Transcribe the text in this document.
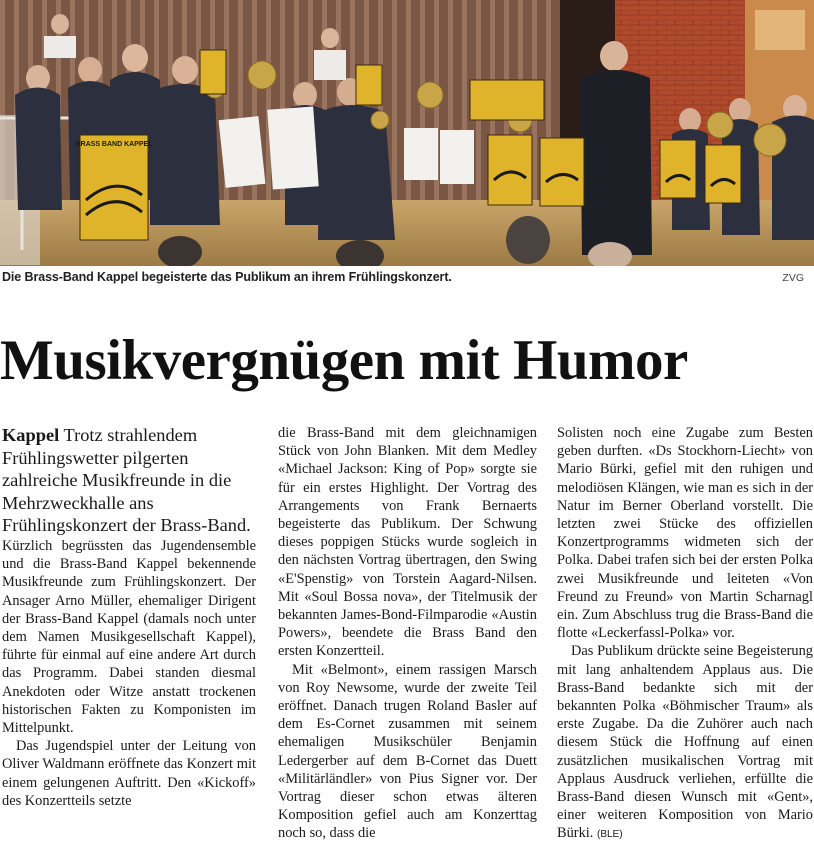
BRASS BAND KAPPEL
Die Brass-Band Kappel begeisterte das Publikum an ihrem Frühlingskonzert.	ZVG
Musikvergnügen mit Humor

Kappel Trotz strahlendem Frühlingswetter pilgerten zahlreiche Musikfreunde in die Mehrzweckhalle ans Frühlingskonzert der Brass-Band.

Kürzlich begrüssten das Jugendensemble und die Brass-Band Kappel bekennende Musikfreunde zum Frühlingskonzert. Der Ansager Arno Müller, ehemaliger Dirigent der Brass-Band Kappel (damals noch unter dem Namen Musikgesellschaft Kappel), führte für einmal auf eine andere Art durch das Programm. Dabei standen diesmal Anekdoten oder Witze anstatt trockenen historischen Fakten zu Komponisten im Mittelpunkt.

Das Jugendspiel unter der Leitung von Oliver Waldmann eröffnete das Konzert mit einem gelungenen Auftritt. Den «Kickoff» des Konzertteils setzte

die Brass-Band mit dem gleichnamigen Stück von John Blanken. Mit dem Medley «Michael Jackson: King of Pop» sorgte sie für ein erstes Highlight. Der Vortrag des Arrangements von Frank Bernaerts begeisterte das Publikum. Der Schwung dieses poppigen Stücks wurde sogleich in den nächsten Vortrag übertragen, den Swing «E'Spenstig» von Torstein Aagard-Nilsen. Mit «Soul Bossa nova», der Titelmusik der bekannten James-Bond-Filmparodie «Austin Powers», beendete die Brass Band den ersten Konzertteil.

Mit «Belmont», einem rassigen Marsch von Roy Newsome, wurde der zweite Teil eröffnet. Danach trugen Roland Basler auf dem Es-Cornet zusammen mit seinem ehemaligen Musikschüler Benjamin Ledergerber auf dem B-Cornet das Duett «Militärländler» von Pius Signer vor. Der Vortrag dieser schon etwas älteren Komposition gefiel auch am Konzerttag noch so, dass die

Solisten noch eine Zugabe zum Besten geben durften. «Ds Stockhorn-Liecht» von Mario Bürki, gefiel mit den ruhigen und melodiösen Klängen, wie man es sich in der Natur im Berner Oberland vorstellt. Die letzten zwei Stücke des offiziellen Konzertprogramms widmeten sich der Polka. Dabei trafen sich bei der ersten Polka zwei Musikfreunde und leiteten «Von Freund zu Freund» von Martin Scharnagl ein. Zum Abschluss trug die Brass-Band die flotte «Leckerfassl-Polka» vor.

Das Publikum drückte seine Begeisterung mit lang anhaltendem Applaus aus. Die Brass-Band bedankte sich mit der bekannten Polka «Böhmischer Traum» als erste Zugabe. Da die Zuhörer auch nach diesem Stück die Hoffnung auf einen zusätzlichen musikalischen Vortrag mit Applaus Ausdruck verliehen, erfüllte die Brass-Band diesen Wunsch mit «Gent», einer weiteren Komposition von Mario Bürki. (BLE)
